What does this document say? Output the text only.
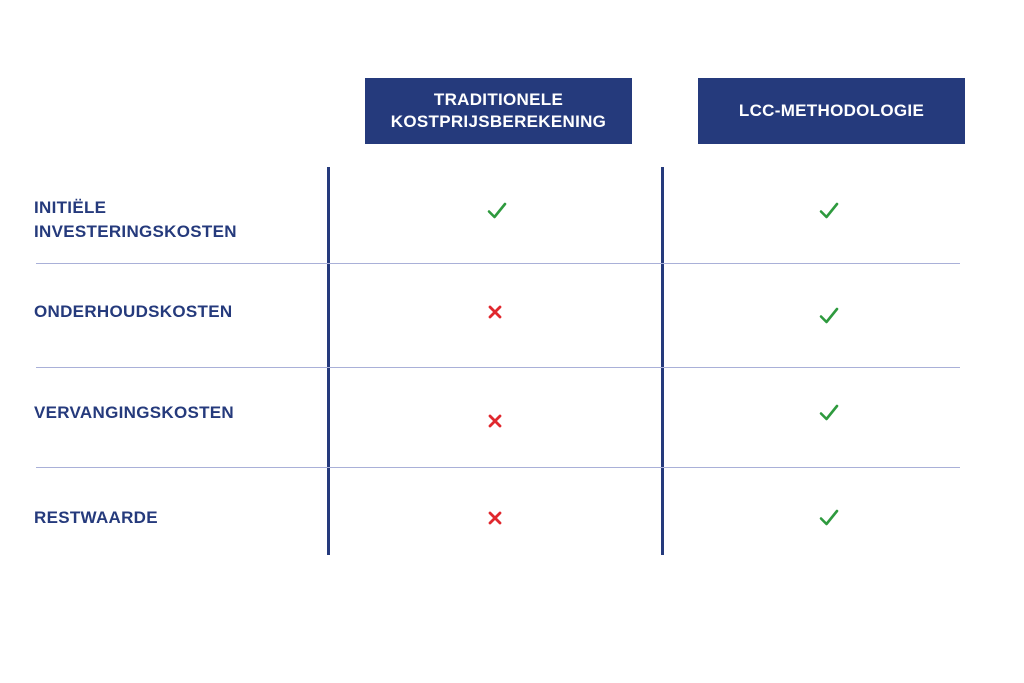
TRADITIONELE
KOSTPRIJSBEREKENING
LCC-METHODOLOGIE
INITIËLE
INVESTERINGSKOSTEN
ONDERHOUDSKOSTEN
VERVANGINGSKOSTEN
RESTWAARDE
